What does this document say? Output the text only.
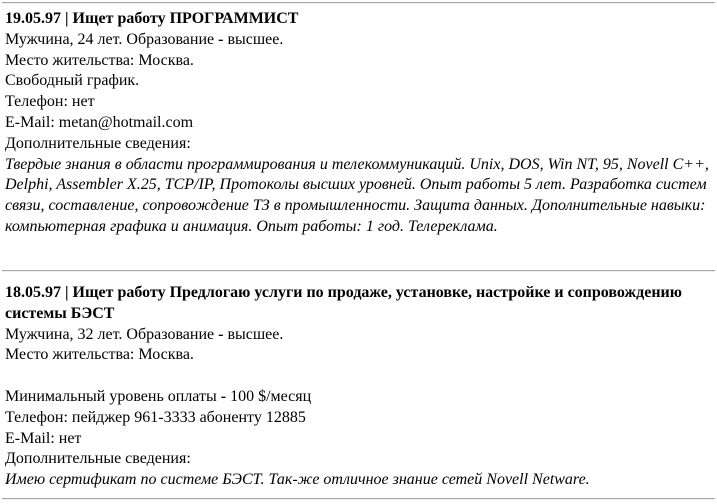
19.05.97 | Ищет работу ПРОГРАММИСТ

Мужчина, 24 лет. Образование - высшее.

Место жительства: Москва.

Свободный график.

Телефон: нет

E-Mail: metan@hotmail.com

Дополнительные сведения:

Твердые знания в области программирования и телекоммуникаций. Unix, DOS, Win NT, 95, Novell C++, Delphi, Assembler X.25, TCP/IP, Протоколы высших уровней. Опыт работы 5 лет. Разработка систем связи, составление, сопровождение ТЗ в промышленности. Защита данных. Дополнительные навыки: компьютерная графика и анимация. Опыт работы: 1 год. Телереклама.

18.05.97 | Ищет работу Предлогаю услуги по продаже, установке, настройке и сопровождению системы БЭСТ

Мужчина, 32 лет. Образование - высшее.

Место жительства: Москва.

Минимальный уровень оплаты - 100 $/месяц

Телефон: пейджер 961-3333 абоненту 12885

E-Mail: нет

Дополнительные сведения:

Имею сертификат по системе БЭСТ. Так-же отличное знание сетей Novell Netware.
